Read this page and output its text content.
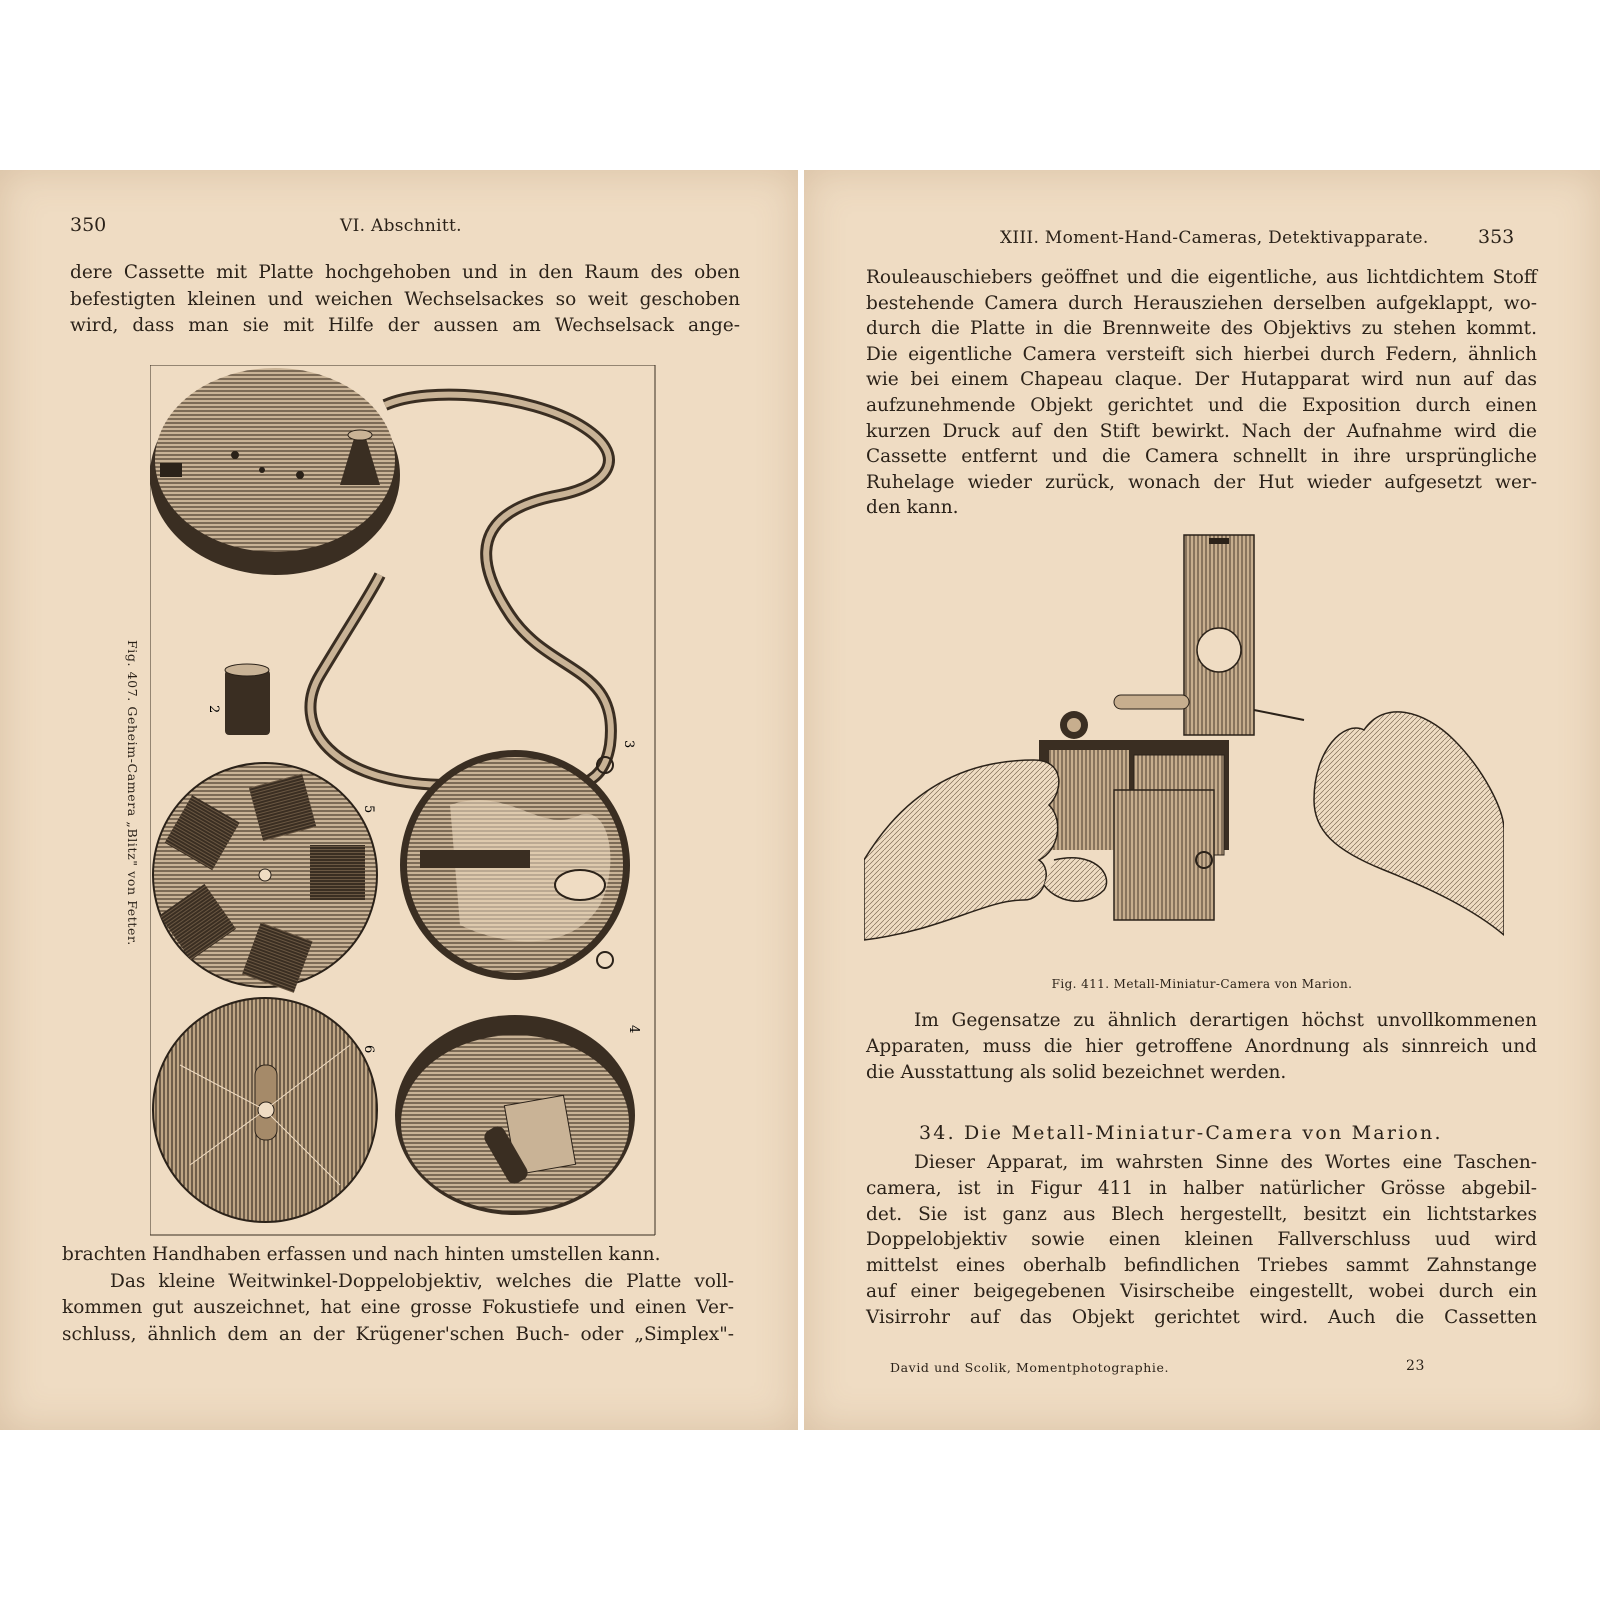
350	VI. Abschnitt.
dere Cassette mit Platte hochgehoben und in den Raum des oben
befestigten kleinen und weichen Wechselsackes so weit geschoben
wird, dass man sie mit Hilfe der aussen am Wechselsack ange-
2
5
3
6
4
Fig. 407. Geheim-Camera „Blitz" von Fetter.
brachten Handhaben erfassen und nach hinten umstellen kann.
Das kleine Weitwinkel-Doppelobjektiv, welches die Platte voll-
kommen gut auszeichnet, hat eine grosse Fokustiefe und einen Ver-
schluss, ähnlich dem an der Krügener'schen Buch- oder „Simplex"-
XIII. Moment-Hand-Cameras, Detektivapparate.	353
Rouleauschiebers geöffnet und die eigentliche, aus lichtdichtem Stoff
bestehende Camera durch Herausziehen derselben aufgeklappt, wo-
durch die Platte in die Brennweite des Objektivs zu stehen kommt.
Die eigentliche Camera versteift sich hierbei durch Federn, ähnlich
wie bei einem Chapeau claque. Der Hutapparat wird nun auf das
aufzunehmende Objekt gerichtet und die Exposition durch einen
kurzen Druck auf den Stift bewirkt. Nach der Aufnahme wird die
Cassette entfernt und die Camera schnellt in ihre ursprüngliche
Ruhelage wieder zurück, wonach der Hut wieder aufgesetzt wer-
den kann.
Fig. 411. Metall-Miniatur-Camera von Marion.
Im Gegensatze zu ähnlich derartigen höchst unvollkommenen
Apparaten, muss die hier getroffene Anordnung als sinnreich und
die Ausstattung als solid bezeichnet werden.
34. Die Metall-Miniatur-Camera von Marion.
Dieser Apparat, im wahrsten Sinne des Wortes eine Taschen-
camera, ist in Figur 411 in halber natürlicher Grösse abgebil-
det. Sie ist ganz aus Blech hergestellt, besitzt ein lichtstarkes
Doppelobjektiv sowie einen kleinen Fallverschluss uud wird
mittelst eines oberhalb befindlichen Triebes sammt Zahnstange
auf einer beigegebenen Visirscheibe eingestellt, wobei durch ein
Visirrohr auf das Objekt gerichtet wird. Auch die Cassetten
David und Scolik, Momentphotographie.	23
